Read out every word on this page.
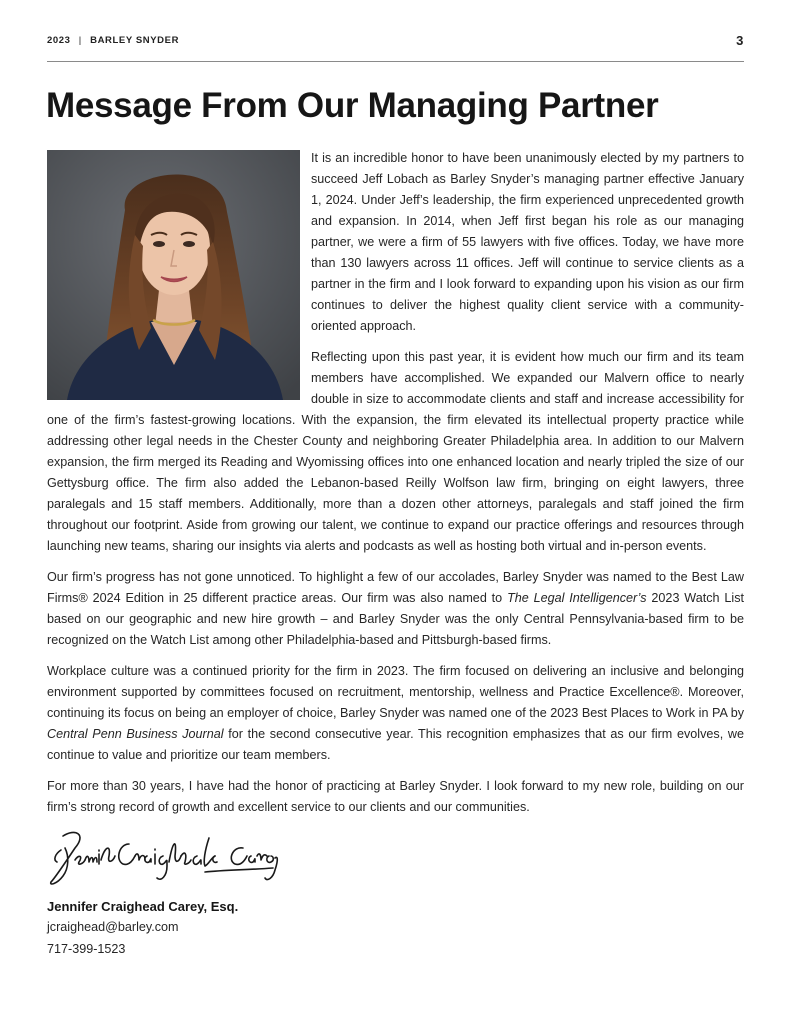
2023 | BARLEY SNYDER	3
Message From Our Managing Partner

It is an incredible honor to have been unanimously elected by my partners to succeed Jeff Lobach as Barley Snyder’s managing partner effective January 1, 2024. Under Jeff’s leadership, the firm experienced unprecedented growth and expansion. In 2014, when Jeff first began his role as our managing partner, we were a firm of 55 lawyers with five offices. Today, we have more than 130 lawyers across 11 offices. Jeff will continue to service clients as a partner in the firm and I look forward to expanding upon his vision as our firm continues to deliver the highest quality client service with a community-oriented approach.

Reflecting upon this past year, it is evident how much our firm and its team members have accomplished. We expanded our Malvern office to nearly double in size to accommodate clients and staff and increase accessibility for one of the firm’s fastest-growing locations. With the expansion, the firm elevated its intellectual property practice while addressing other legal needs in the Chester County and neighboring Greater Philadelphia area. In addition to our Malvern expansion, the firm merged its Reading and Wyomissing offices into one enhanced location and nearly tripled the size of our Gettysburg office. The firm also added the Lebanon-based Reilly Wolfson law firm, bringing on eight lawyers, three paralegals and 15 staff members. Additionally, more than a dozen other attorneys, paralegals and staff joined the firm throughout our footprint. Aside from growing our talent, we continue to expand our practice offerings and resources through launching new teams, sharing our insights via alerts and podcasts as well as hosting both virtual and in-person events.

Our firm’s progress has not gone unnoticed. To highlight a few of our accolades, Barley Snyder was named to the Best Law Firms® 2024 Edition in 25 different practice areas. Our firm was also named to The Legal Intelligencer’s 2023 Watch List based on our geographic and new hire growth – and Barley Snyder was the only Central Pennsylvania-based firm to be recognized on the Watch List among other Philadelphia-based and Pittsburgh-based firms.

Workplace culture was a continued priority for the firm in 2023. The firm focused on delivering an inclusive and belonging environment supported by committees focused on recruitment, mentorship, wellness and Practice Excellence®. Moreover, continuing its focus on being an employer of choice, Barley Snyder was named one of the 2023 Best Places to Work in PA by Central Penn Business Journal for the second consecutive year. This recognition emphasizes that as our firm evolves, we continue to value and prioritize our team members.

For more than 30 years, I have had the honor of practicing at Barley Snyder. I look forward to my new role, building on our firm’s strong record of growth and excellent service to our clients and our communities.

Jennifer Craighead Carey, Esq.
jcraighead@barley.com
717-399-1523
